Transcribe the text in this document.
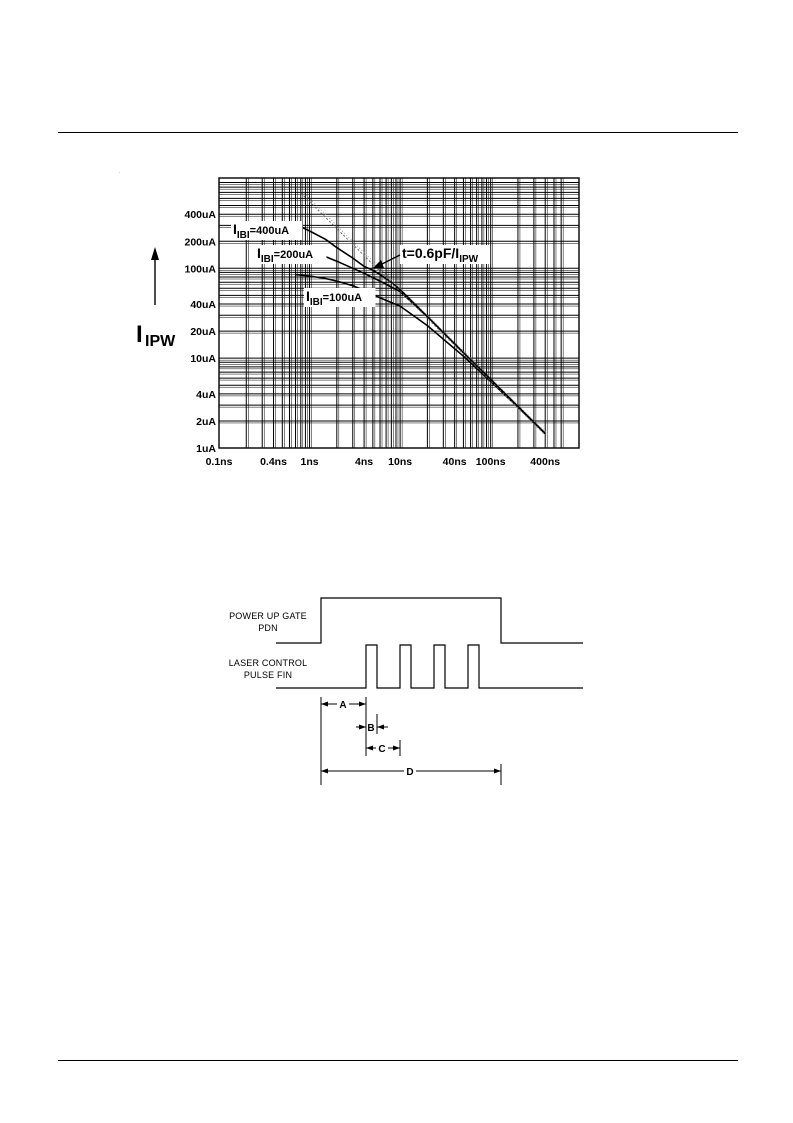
0.1ns	0.4ns 1ns	4ns 10ns	40ns 100ns 400ns
400uA
200uA
100uA
40uA
20uA
10uA
4uA
2uA
1uA
$I_{IBI}^{=400uA}$
$I_{IBI}^{=200uA}$
$I_{IBI}^{=100uA}$
$t=0.6pF/I_{IPW}$
I IPW
.
POWER UP GATE
PDN
LASER CONTROL
PULSE FIN
A
B
C
D
